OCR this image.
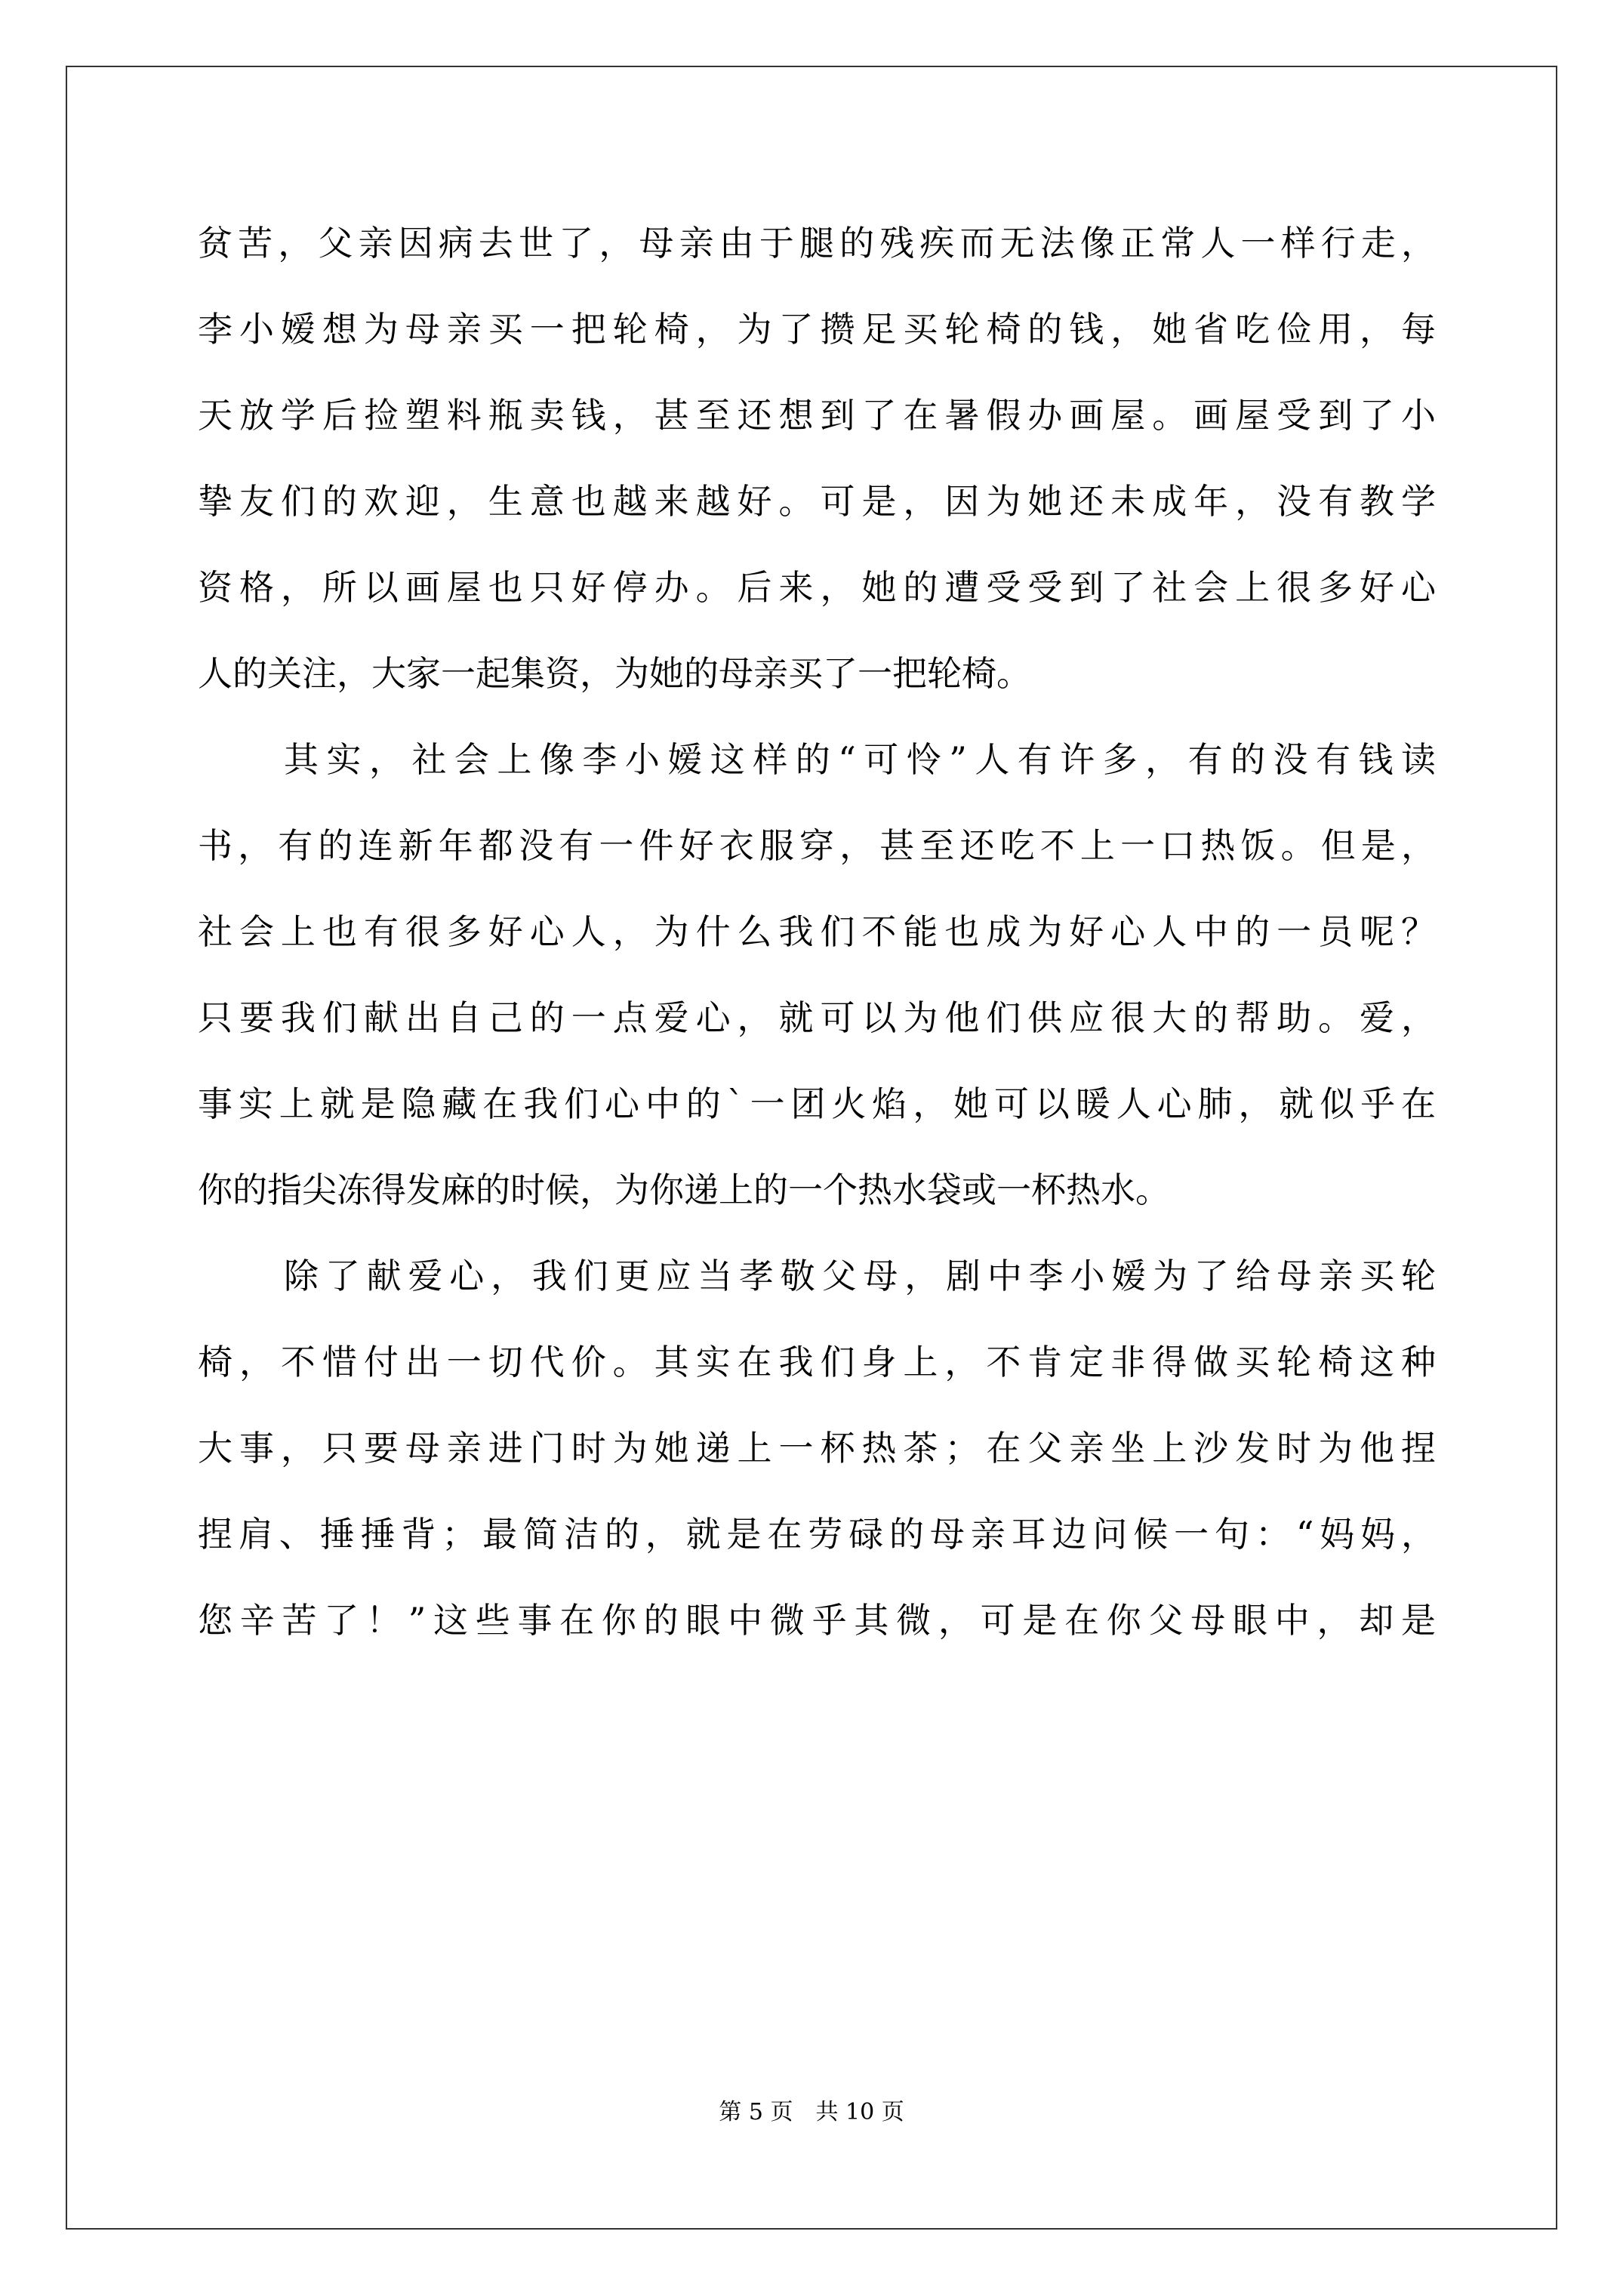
贫苦，父亲因病去世了，母亲由于腿的残疾而无法像正常人一样行走，
李小嫒想为母亲买一把轮椅，为了攒足买轮椅的钱，她省吃俭用，每
天放学后捡塑料瓶卖钱，甚至还想到了在暑假办画屋。画屋受到了小
挚友们的欢迎，生意也越来越好。可是，因为她还未成年，没有教学
资格，所以画屋也只好停办。后来，她的遭受受到了社会上很多好心
人的关注，大家一起集资，为她的母亲买了一把轮椅。
其实，社会上像李小嫒这样的“可怜”人有许多，有的没有钱读
书，有的连新年都没有一件好衣服穿，甚至还吃不上一口热饭。但是，
社会上也有很多好心人，为什么我们不能也成为好心人中的一员呢？
只要我们献出自己的一点爱心，就可以为他们供应很大的帮助。爱，
事实上就是隐藏在我们心中的`一团火焰，她可以暖人心肺，就似乎在
你的指尖冻得发麻的时候，为你递上的一个热水袋或一杯热水。
除了献爱心，我们更应当孝敬父母，剧中李小嫒为了给母亲买轮
椅，不惜付出一切代价。其实在我们身上，不肯定非得做买轮椅这种
大事，只要母亲进门时为她递上一杯热茶；在父亲坐上沙发时为他捏
捏肩、捶捶背；最简洁的，就是在劳碌的母亲耳边问候一句：“妈妈，
您辛苦了！”这些事在你的眼中微乎其微，可是在你父母眼中，却是
第 5 页　共 10 页
